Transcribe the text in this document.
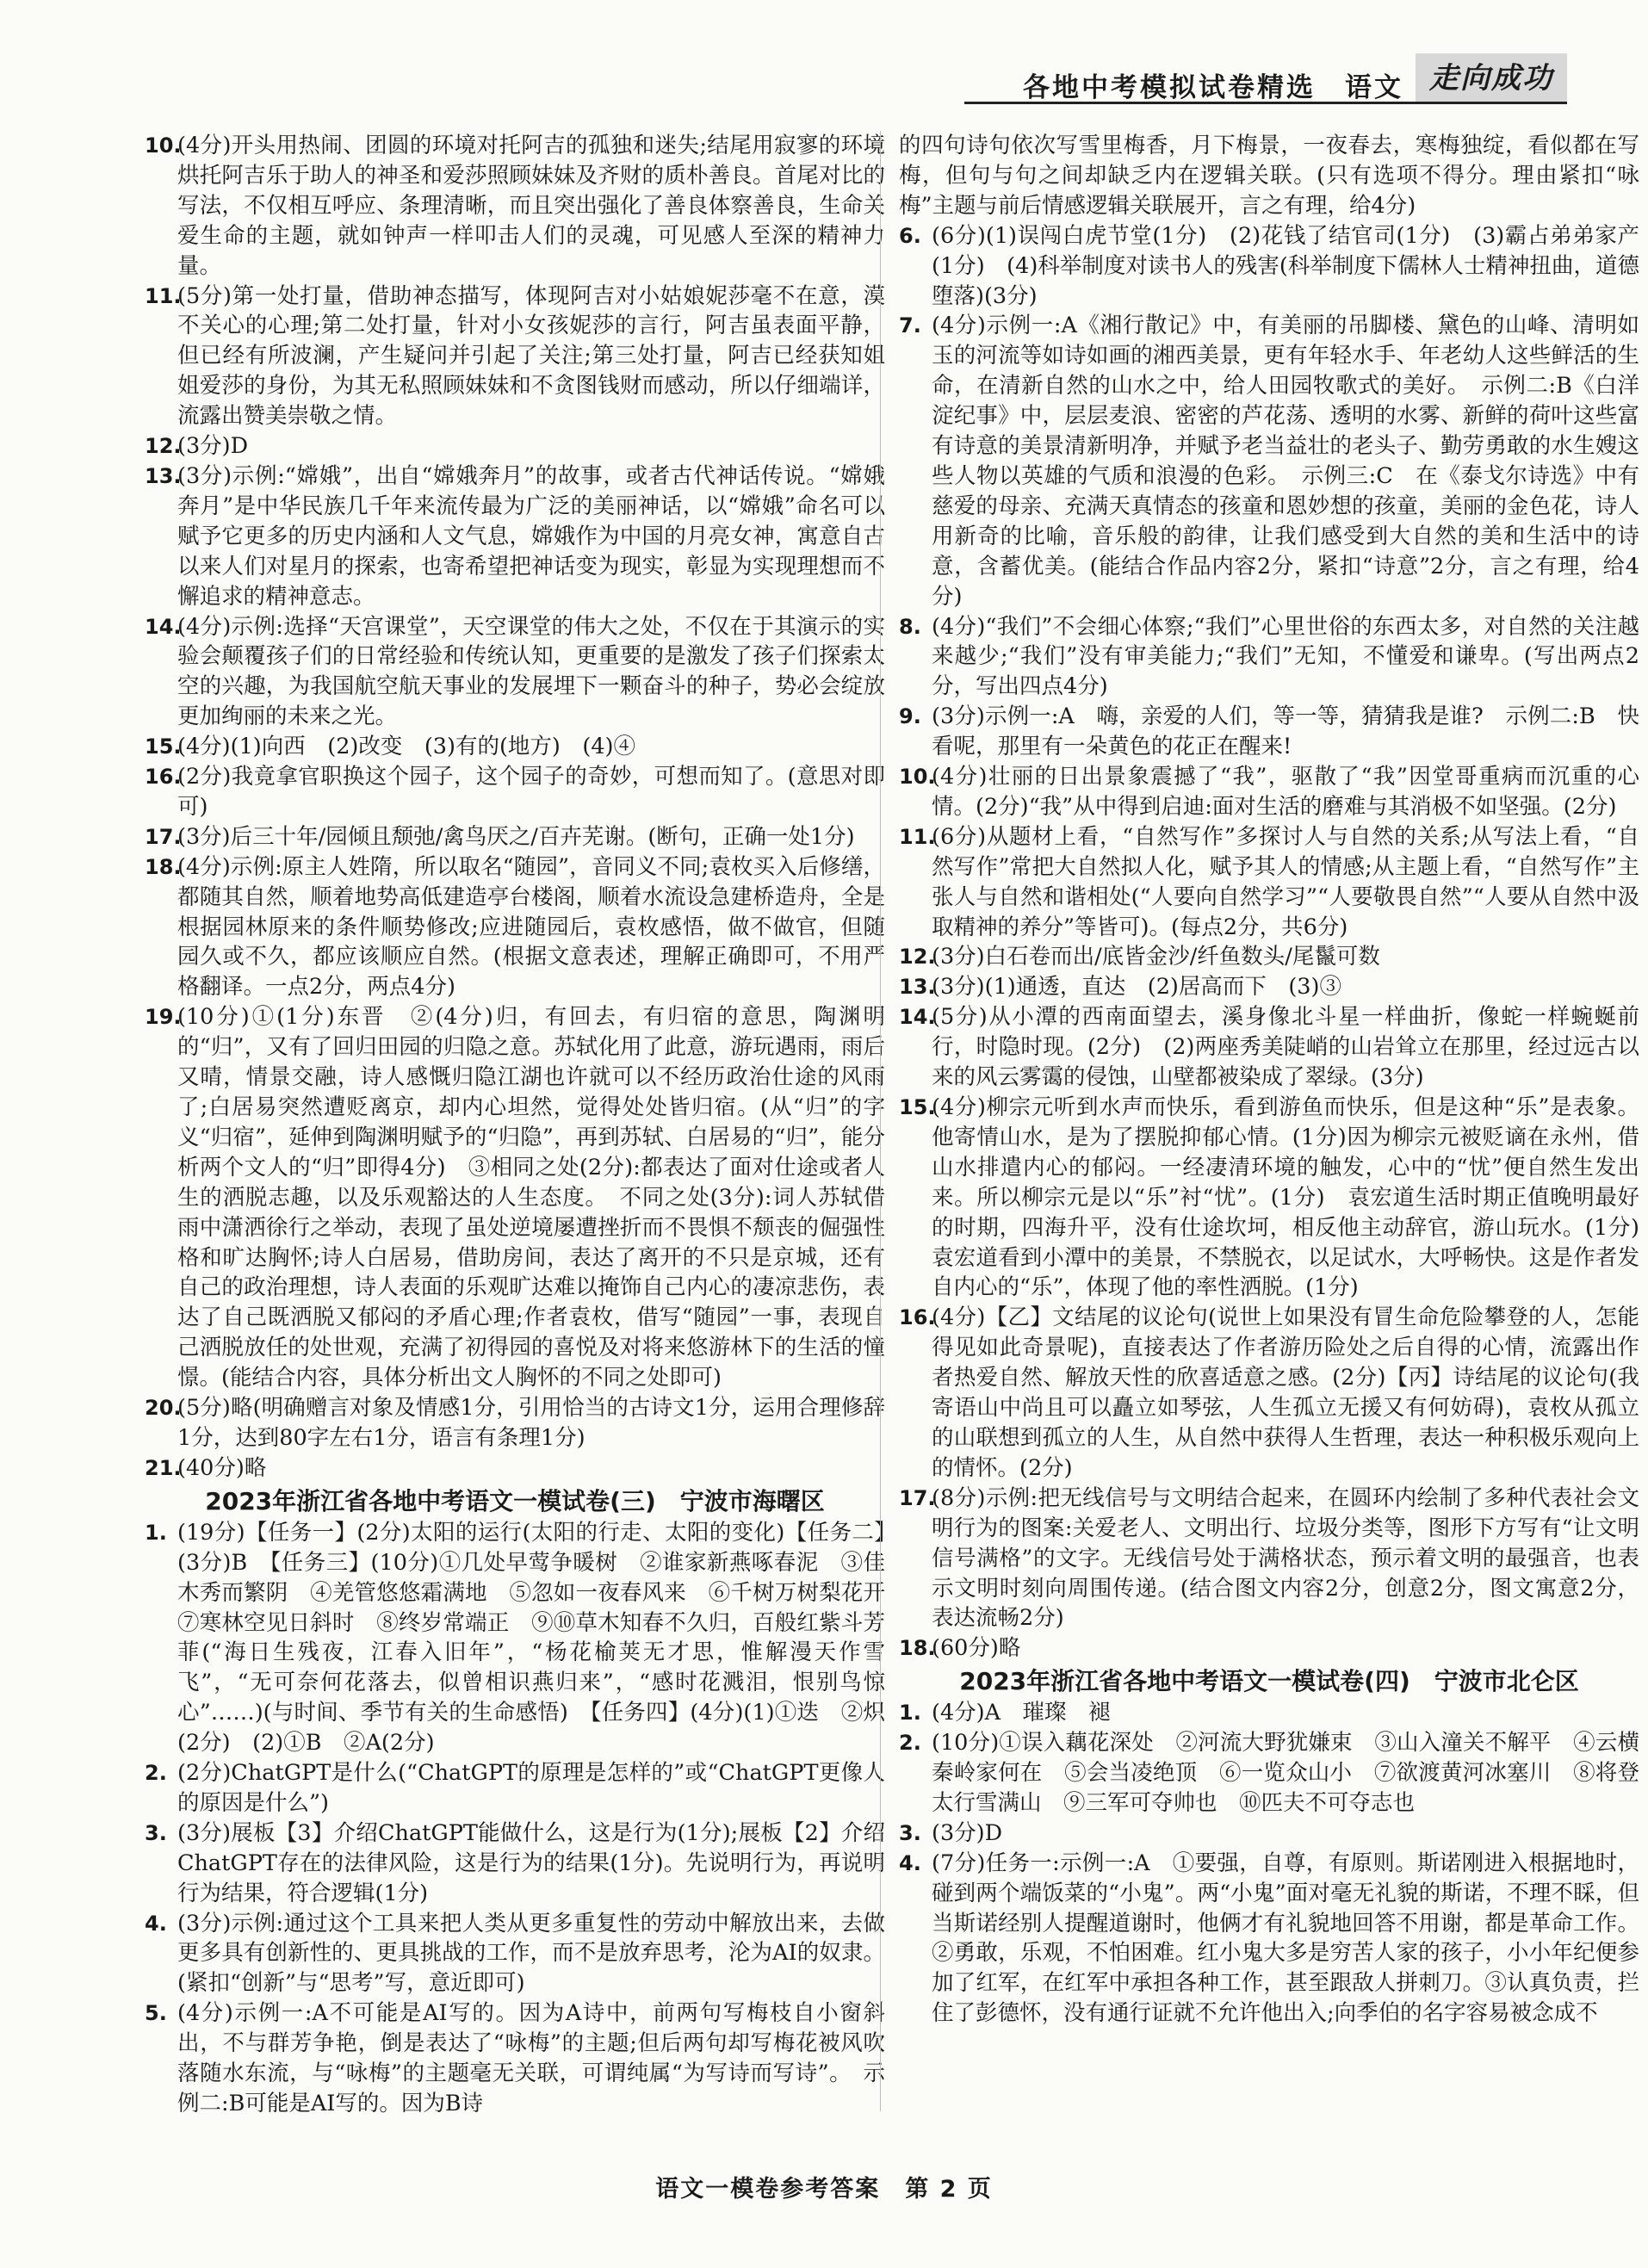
各地中考模拟试卷精选　语文 走向成功

10.
(4分)开头用热闹、团圆的环境对托阿吉的孤独和迷失;结尾用寂寥的环境烘托阿吉乐于助人的神圣和爱莎照顾妹妹及齐财的质朴善良。首尾对比的写法，不仅相互呼应、条理清晰，而且突出强化了善良体察善良，生命关爱生命的主题，就如钟声一样叩击人们的灵魂，可见感人至深的精神力量。

11.
(5分)第一处打量，借助神态描写，体现阿吉对小姑娘妮莎毫不在意，漠不关心的心理;第二处打量，针对小女孩妮莎的言行，阿吉虽表面平静，但已经有所波澜，产生疑问并引起了关注;第三处打量，阿吉已经获知姐姐爱莎的身份，为其无私照顾妹妹和不贪图钱财而感动，所以仔细端详，流露出赞美崇敬之情。

12.
(3分)D

13.
(3分)示例:“嫦娥”，出自“嫦娥奔月”的故事，或者古代神话传说。“嫦娥奔月”是中华民族几千年来流传最为广泛的美丽神话，以“嫦娥”命名可以赋予它更多的历史内涵和人文气息，嫦娥作为中国的月亮女神，寓意自古以来人们对星月的探索，也寄希望把神话变为现实，彰显为实现理想而不懈追求的精神意志。

14.
(4分)示例:选择“天宫课堂”，天空课堂的伟大之处，不仅在于其演示的实验会颠覆孩子们的日常经验和传统认知，更重要的是激发了孩子们探索太空的兴趣，为我国航空航天事业的发展埋下一颗奋斗的种子，势必会绽放更加绚丽的未来之光。

15.
(4分)(1)向西　(2)改变　(3)有的(地方)　(4)④

16.
(2分)我竟拿官职换这个园子，这个园子的奇妙，可想而知了。(意思对即可)

17.
(3分)后三十年/园倾且颓弛/禽鸟厌之/百卉芜谢。(断句，正确一处1分)

18.
(4分)示例:原主人姓隋，所以取名“随园”，音同义不同;袁枚买入后修缮，都随其自然，顺着地势高低建造亭台楼阁，顺着水流设急建桥造舟，全是根据园林原来的条件顺势修改;应进随园后，袁枚感悟，做不做官，但随园久或不久，都应该顺应自然。(根据文意表述，理解正确即可，不用严格翻译。一点2分，两点4分)

19.
(10分)①(1分)东晋　②(4分)归，有回去，有归宿的意思，陶渊明的“归”，又有了回归田园的归隐之意。苏轼化用了此意，游玩遇雨，雨后又晴，情景交融，诗人感慨归隐江湖也许就可以不经历政治仕途的风雨了;白居易突然遭贬离京，却内心坦然，觉得处处皆归宿。(从“归”的字义“归宿”，延伸到陶渊明赋予的“归隐”，再到苏轼、白居易的“归”，能分析两个文人的“归”即得4分)　③相同之处(2分):都表达了面对仕途或者人生的洒脱志趣，以及乐观豁达的人生态度。　不同之处(3分):词人苏轼借雨中潇洒徐行之举动，表现了虽处逆境屡遭挫折而不畏惧不颓丧的倔强性格和旷达胸怀;诗人白居易，借助房间，表达了离开的不只是京城，还有自己的政治理想，诗人表面的乐观旷达难以掩饰自己内心的凄凉悲伤，表达了自己既洒脱又郁闷的矛盾心理;作者袁枚，借写“随园”一事，表现自己洒脱放任的处世观，充满了初得园的喜悦及对将来悠游林下的生活的憧憬。(能结合内容，具体分析出文人胸怀的不同之处即可)

20.
(5分)略(明确赠言对象及情感1分，引用恰当的古诗文1分，运用合理修辞1分，达到80字左右1分，语言有条理1分)

21.
(40分)略

2023年浙江省各地中考语文一模试卷(三)　宁波市海曙区

1. (19分)【任务一】(2分)太阳的运行(太阳的行走、太阳的变化)【任务二】(3分)B　【任务三】(10分)①几处早莺争暖树　②谁家新燕啄春泥　③佳木秀而繁阴　④羌管悠悠霜满地　⑤忽如一夜春风来　⑥千树万树梨花开　⑦寒林空见日斜时　⑧终岁常端正　⑨⑩草木知春不久归，百般红紫斗芳菲(“海日生残夜，江春入旧年”，“杨花榆荚无才思，惟解漫天作雪飞”，“无可奈何花落去，似曾相识燕归来”，“感时花溅泪，恨别鸟惊心”……)(与时间、季节有关的生命感悟)　【任务四】(4分)(1)①迭　②炽(2分)　(2)①B　②A(2分)

2. (2分)ChatGPT是什么(“ChatGPT的原理是怎样的”或“ChatGPT更像人的原因是什么”)

3. (3分)展板【3】介绍ChatGPT能做什么，这是行为(1分);展板【2】介绍ChatGPT存在的法律风险，这是行为的结果(1分)。先说明行为，再说明行为结果，符合逻辑(1分)

4. (3分)示例:通过这个工具来把人类从更多重复性的劳动中解放出来，去做更多具有创新性的、更具挑战的工作，而不是放弃思考，沦为AI的奴隶。(紧扣“创新”与“思考”写，意近即可)

5. (4分)示例一:A不可能是AI写的。因为A诗中，前两句写梅枝自小窗斜出，不与群芳争艳，倒是表达了“咏梅”的主题;但后两句却写梅花被风吹落随水东流，与“咏梅”的主题毫无关联，可谓纯属“为写诗而写诗”。　示例二:B可能是AI写的。因为B诗

的四句诗句依次写雪里梅香，月下梅景，一夜春去，寒梅独绽，看似都在写梅，但句与句之间却缺乏内在逻辑关联。(只有选项不得分。理由紧扣“咏梅”主题与前后情感逻辑关联展开，言之有理，给4分)

6. (6分)(1)误闯白虎节堂(1分)　(2)花钱了结官司(1分)　(3)霸占弟弟家产(1分)　(4)科举制度对读书人的残害(科举制度下儒林人士精神扭曲，道德堕落)(3分)

7. (4分)示例一:A《湘行散记》中，有美丽的吊脚楼、黛色的山峰、清明如玉的河流等如诗如画的湘西美景，更有年轻水手、年老幼人这些鲜活的生命，在清新自然的山水之中，给人田园牧歌式的美好。　示例二:B《白洋淀纪事》中，层层麦浪、密密的芦花荡、透明的水雾、新鲜的荷叶这些富有诗意的美景清新明净，并赋予老当益壮的老头子、勤劳勇敢的水生嫂这些人物以英雄的气质和浪漫的色彩。　示例三:C　在《泰戈尔诗选》中有慈爱的母亲、充满天真情态的孩童和恩妙想的孩童，美丽的金色花，诗人用新奇的比喻，音乐般的韵律，让我们感受到大自然的美和生活中的诗意，含蓄优美。(能结合作品内容2分，紧扣“诗意”2分，言之有理，给4分)

8. (4分)“我们”不会细心体察;“我们”心里世俗的东西太多，对自然的关注越来越少;“我们”没有审美能力;“我们”无知，不懂爱和谦卑。(写出两点2分，写出四点4分)

9. (3分)示例一:A　嗨，亲爱的人们，等一等，猜猜我是谁?　示例二:B　快看呢，那里有一朵黄色的花正在醒来!

10.
(4分)壮丽的日出景象震撼了“我”，驱散了“我”因堂哥重病而沉重的心情。(2分)“我”从中得到启迪:面对生活的磨难与其消极不如坚强。(2分)

11.
(6分)从题材上看，“自然写作”多探讨人与自然的关系;从写法上看，“自然写作”常把大自然拟人化，赋予其人的情感;从主题上看，“自然写作”主张人与自然和谐相处(“人要向自然学习”“人要敬畏自然”“人要从自然中汲取精神的养分”等皆可)。(每点2分，共6分)

12.
(3分)白石卷而出/底皆金沙/纤鱼数头/尾鬣可数

13.
(3分)(1)通透，直达　(2)居高而下　(3)③

14.
(5分)从小潭的西南面望去，溪身像北斗星一样曲折，像蛇一样蜿蜒前行，时隐时现。(2分)　(2)两座秀美陡峭的山岩耸立在那里，经过远古以来的风云雾霭的侵蚀，山壁都被染成了翠绿。(3分)

15.
(4分)柳宗元听到水声而快乐，看到游鱼而快乐，但是这种“乐”是表象。他寄情山水，是为了摆脱抑郁心情。(1分)因为柳宗元被贬谪在永州，借山水排遣内心的郁闷。一经凄清环境的触发，心中的“忧”便自然生发出来。所以柳宗元是以“乐”衬“忧”。(1分)　袁宏道生活时期正值晚明最好的时期，四海升平，没有仕途坎坷，相反他主动辞官，游山玩水。(1分)袁宏道看到小潭中的美景，不禁脱衣，以足试水，大呼畅快。这是作者发自内心的“乐”，体现了他的率性洒脱。(1分)

16.
(4分)【乙】文结尾的议论句(说世上如果没有冒生命危险攀登的人，怎能得见如此奇景呢)，直接表达了作者游历险处之后自得的心情，流露出作者热爱自然、解放天性的欣喜适意之感。(2分)【丙】诗结尾的议论句(我寄语山中尚且可以矗立如琴弦，人生孤立无援又有何妨碍)，袁枚从孤立的山联想到孤立的人生，从自然中获得人生哲理，表达一种积极乐观向上的情怀。(2分)

17.
(8分)示例:把无线信号与文明结合起来，在圆环内绘制了多种代表社会文明行为的图案:关爱老人、文明出行、垃圾分类等，图形下方写有“让文明信号满格”的文字。无线信号处于满格状态，预示着文明的最强音，也表示文明时刻向周围传递。(结合图文内容2分，创意2分，图文寓意2分，表达流畅2分)

18.
(60分)略

2023年浙江省各地中考语文一模试卷(四)　宁波市北仑区

1. (4分)A　璀璨　褪

2. (10分)①误入藕花深处　②河流大野犹嫌束　③山入潼关不解平　④云横秦岭家何在　⑤会当凌绝顶　⑥一览众山小　⑦欲渡黄河冰塞川　⑧将登太行雪满山　⑨三军可夺帅也　⑩匹夫不可夺志也

3. (3分)D

4. (7分)任务一:示例一:A　①要强，自尊，有原则。斯诺刚进入根据地时，碰到两个端饭菜的“小鬼”。两“小鬼”面对毫无礼貌的斯诺，不理不睬，但当斯诺经别人提醒道谢时，他俩才有礼貌地回答不用谢，都是革命工作。②勇敢，乐观，不怕困难。红小鬼大多是穷苦人家的孩子，小小年纪便参加了红军，在红军中承担各种工作，甚至跟敌人拼刺刀。③认真负责，拦住了彭德怀，没有通行证就不允许他出入;向季伯的名字容易被念成不

语文一模卷参考答案　第 2 页
